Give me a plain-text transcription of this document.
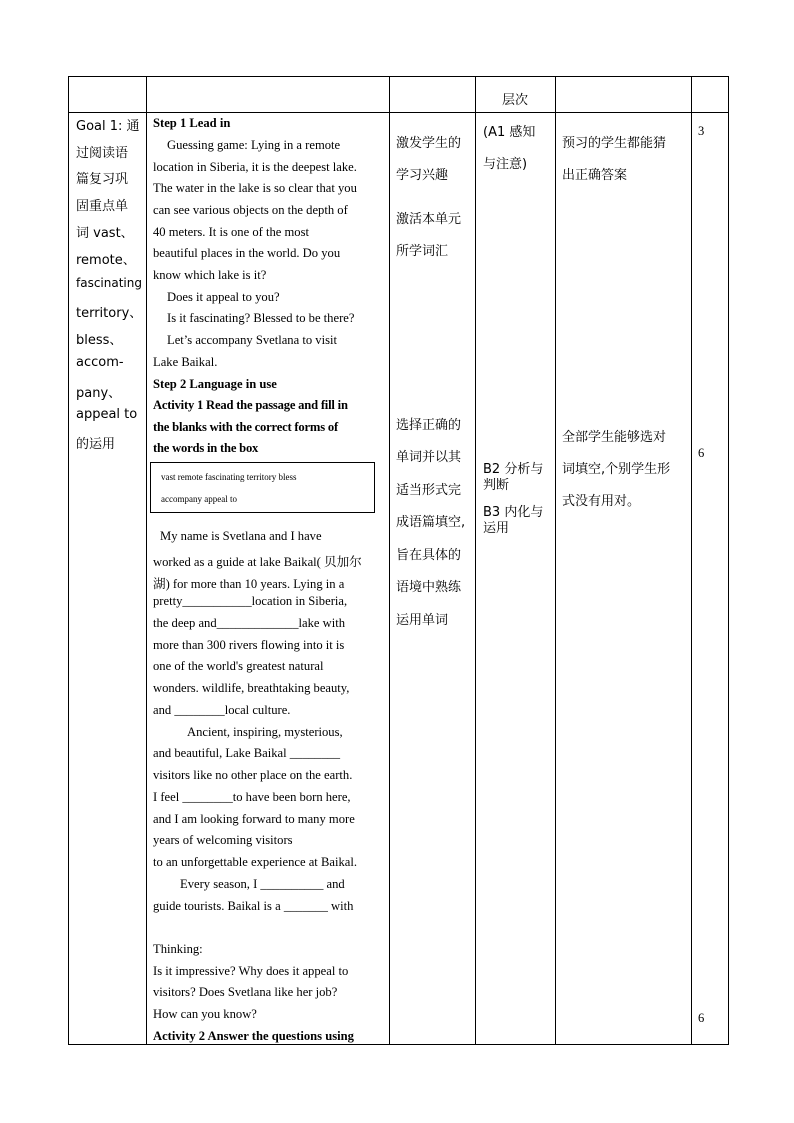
层次
Goal 1: 通
过阅读语
篇复习巩
固重点单
词 vast、
remote、
fascinating
territory、
bless、
accom-
pany、
appeal to
的运用
Step 1 Lead in
Guessing game: Lying in a remote
location in Siberia, it is the deepest lake.
The water in the lake is so clear that you
can see various objects on the depth of
40 meters. It is one of the most
beautiful places in the world. Do you
know which lake is it?
Does it appeal to you?
Is it fascinating? Blessed to be there?
Let’s accompany Svetlana to visit
Lake Baikal.
Step 2 Language in use
Activity 1 Read the passage and fill in
the blanks with the correct forms of
the words in the box
vast remote fascinating territory bless
accompany appeal to
My name is Svetlana and I have
worked as a guide at lake Baikal( 贝加尔
湖) for more than 10 years. Lying in a
pretty___________location in Siberia,
the deep and_____________lake with
more than 300 rivers flowing into it is
one of the world's greatest natural
wonders. wildlife, breathtaking beauty,
and ________local culture.
Ancient, inspiring, mysterious,
and beautiful, Lake Baikal ________
visitors like no other place on the earth.
I feel ________to have been born here,
and I am looking forward to many more
years of welcoming visitors
to an unforgettable experience at Baikal.
Every season, I __________ and
guide tourists. Baikal is a _______ with
Thinking:
Is it impressive? Why does it appeal to
visitors? Does Svetlana like her job?
How can you know?
Activity 2 Answer the questions using
激发学生的
学习兴趣
激活本单元
所学词汇
选择正确的
单词并以其
适当形式完
成语篇填空,
旨在具体的
语境中熟练
运用单词
(A1 感知
与注意)
B2 分析与
判断
B3 内化与
运用
预习的学生都能猜
出正确答案
全部学生能够选对
词填空,个别学生形
式没有用对。
3
6
6
